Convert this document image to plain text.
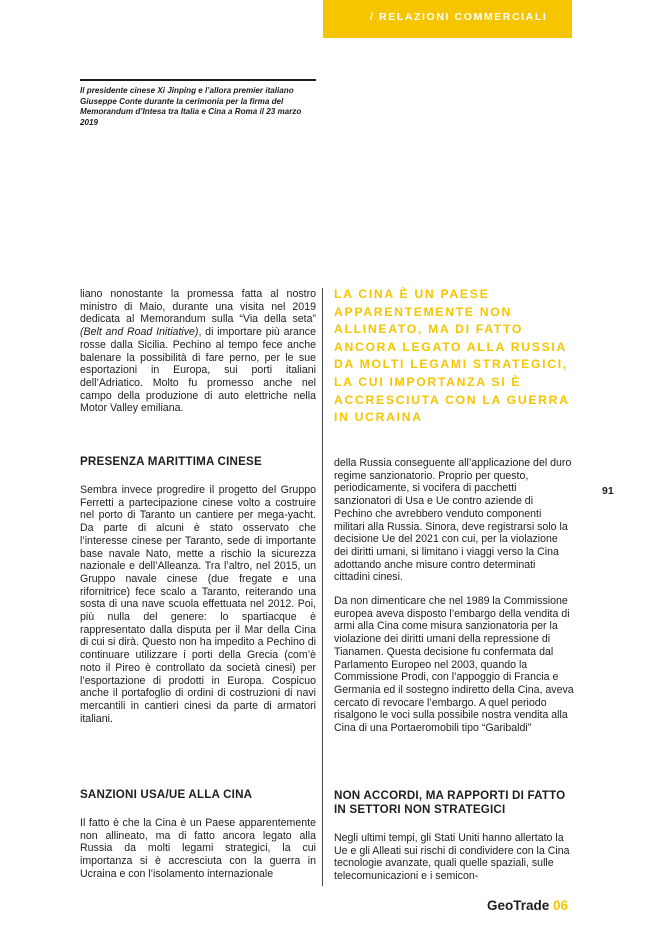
/ RELAZIONI COMMERCIALI
Il presidente cinese Xi Jinping e l’allora premier italiano Giuseppe Conte durante la cerimonia per la firma del Memorandum d’Intesa tra Italia e Cina a Roma il 23 marzo 2019

liano nonostante la promessa fatta al nostro ministro di Maio, durante una visita nel 2019 dedicata al Memorandum sulla “Via della seta” (Belt and Road Initiative), di importare più arance rosse dalla Sicilia. Pechino al tempo fece anche balenare la possibilità di fare perno, per le sue esportazioni in Europa, sui porti italiani dell’Adriatico. Molto fu promesso anche nel campo della produzione di auto elettriche nella Motor Valley emiliana.

LA CINA È UN PAESE APPARENTEMENTE NON ALLINEATO, MA DI FATTO ANCORA LEGATO ALLA RUSSIA DA MOLTI LEGAMI STRATEGICI, LA CUI IMPORTANZA SI È ACCRESCIUTA CON LA GUERRA IN UCRAINA
PRESENZA MARITTIMA CINESE

Sembra invece progredire il progetto del Gruppo Ferretti a partecipazione cinese volto a costruire nel porto di Taranto un cantiere per mega-yacht. Da parte di alcuni è stato osservato che l’interesse cinese per Taranto, sede di importante base navale Nato, mette a rischio la sicurezza nazionale e dell’Alleanza. Tra l’altro, nel 2015, un Gruppo navale cinese (due fregate e una rifornitrice) fece scalo a Taranto, reiterando una sosta di una nave scuola effettuata nel 2012. Poi, più nulla del genere: lo spartiacque è rappresentato dalla disputa per il Mar della Cina di cui si dirà. Questo non ha impedito a Pechino di continuare utilizzare i porti della Grecia (com’è noto il Pireo è controllato da società cinesi) per l’esportazione di prodotti in Europa. Cospicuo anche il portafoglio di ordini di costruzioni di navi mercantili in cantieri cinesi da parte di armatori italiani.

SANZIONI USA/UE ALLA CINA

Il fatto è che la Cina è un Paese apparentemente non allineato, ma di fatto ancora legato alla Russia da molti legami strategici, la cui importanza si è accresciuta con la guerra in Ucraina e con l’isolamento internazionale

della Russia conseguente all’applicazione del duro regime sanzionatorio. Proprio per questo, periodicamente, si vocifera di pacchetti sanzionatori di Usa e Ue contro aziende di Pechino che avrebbero venduto componenti militari alla Russia. Sinora, deve registrarsi solo la decisione Ue del 2021 con cui, per la violazione dei diritti umani, si limitano i viaggi verso la Cina adottando anche misure contro determinati cittadini cinesi.

Da non dimenticare che nel 1989 la Commissione europea aveva disposto l’embargo della vendita di armi alla Cina come misura sanzionatoria per la violazione dei diritti umani della repressione di Tianamen. Questa decisione fu confermata dal Parlamento Europeo nel 2003, quando la Commissione Prodi, con l’appoggio di Francia e Germania ed il sostegno indiretto della Cina, aveva cercato di revocare l’embargo. A quel periodo risalgono le voci sulla possibile nostra vendita alla Cina di una Portaeromobili tipo “Garibaldi”

NON ACCORDI, MA RAPPORTI DI FATTO IN SETTORI NON STRATEGICI

Negli ultimi tempi, gli Stati Uniti hanno allertato la Ue e gli Alleati sui rischi di condividere con la Cina tecnologie avanzate, quali quelle spaziali, sulle telecomunicazioni e i semicon-

91
GeoTrade 06
